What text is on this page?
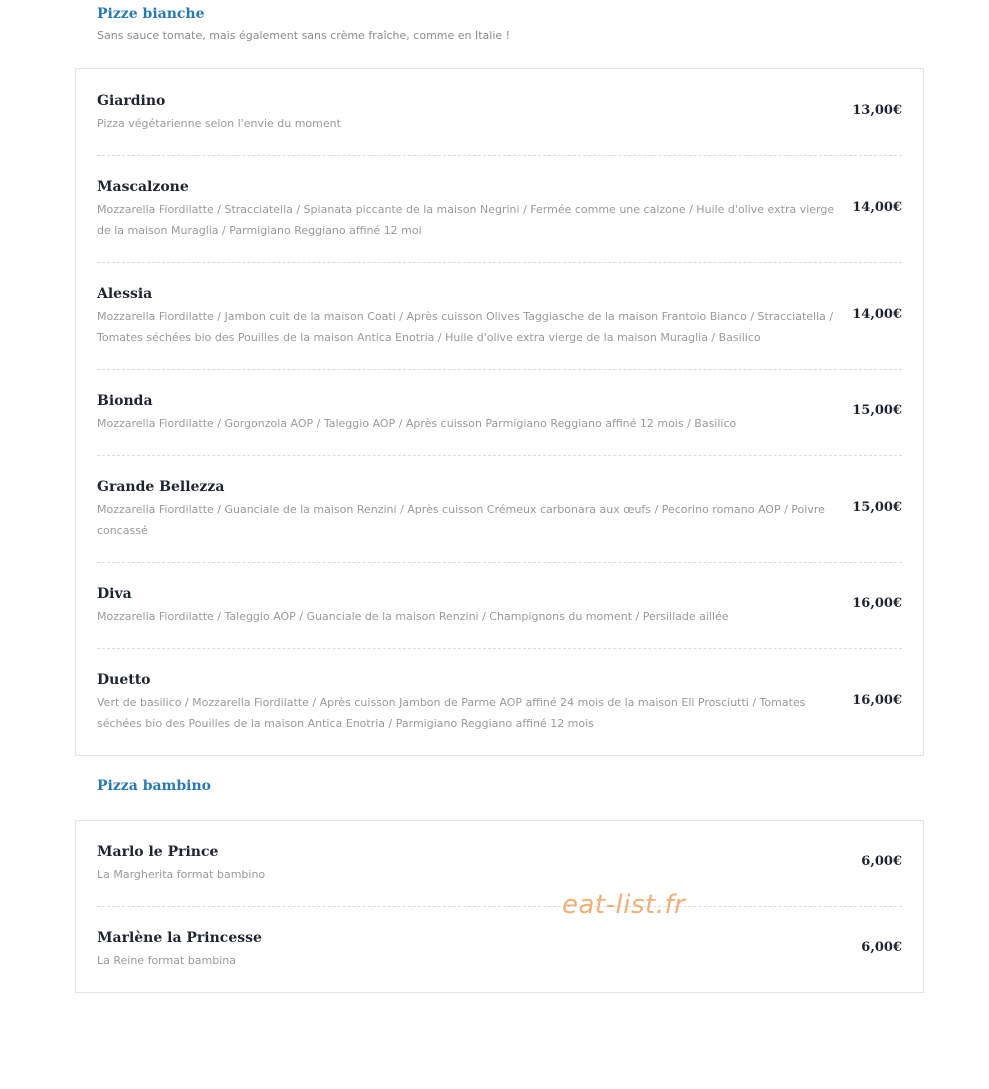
Pizze bianche

Sans sauce tomate, mais également sans crème fraîche, comme en Italie !

Giardino
Pizza végétarienne selon l'envie du moment
13,00€
Mascalzone
Mozzarella Fiordilatte / Stracciatella / Spianata piccante de la maison Negrini / Fermée comme une calzone / Huile d'olive extra vierge de la maison Muraglia / Parmigiano Reggiano affiné 12 moi
14,00€
Alessia
Mozzarella Fiordilatte / Jambon cuit de la maison Coati / Après cuisson Olives Taggiasche de la maison Frantoio Bianco / Stracciatella / Tomates séchées bio des Pouilles de la maison Antica Enotria / Huile d'olive extra vierge de la maison Muraglia / Basilico
14,00€
Bionda
Mozzarella Fiordilatte / Gorgonzola AOP / Taleggio AOP / Après cuisson Parmigiano Reggiano affiné 12 mois / Basilico
15,00€
Grande Bellezza
Mozzarella Fiordilatte / Guanciale de la maison Renzini / Après cuisson Crémeux carbonara aux œufs / Pecorino romano AOP / Poivre concassé
15,00€
Diva
Mozzarella Fiordilatte / Taleggio AOP / Guanciale de la maison Renzini / Champignons du moment / Persillade aillée
16,00€
Duetto
Vert de basilico / Mozzarella Fiordilatte / Après cuisson Jambon de Parme AOP affiné 24 mois de la maison Eli Prosciutti / Tomates séchées bio des Pouilles de la maison Antica Enotria / Parmigiano Reggiano affiné 12 mois
16,00€
Pizza bambino
Marlo le Prince
La Margherita format bambino
6,00€
Marlène la Princesse
La Reine format bambina
6,00€
eat-list.fr
